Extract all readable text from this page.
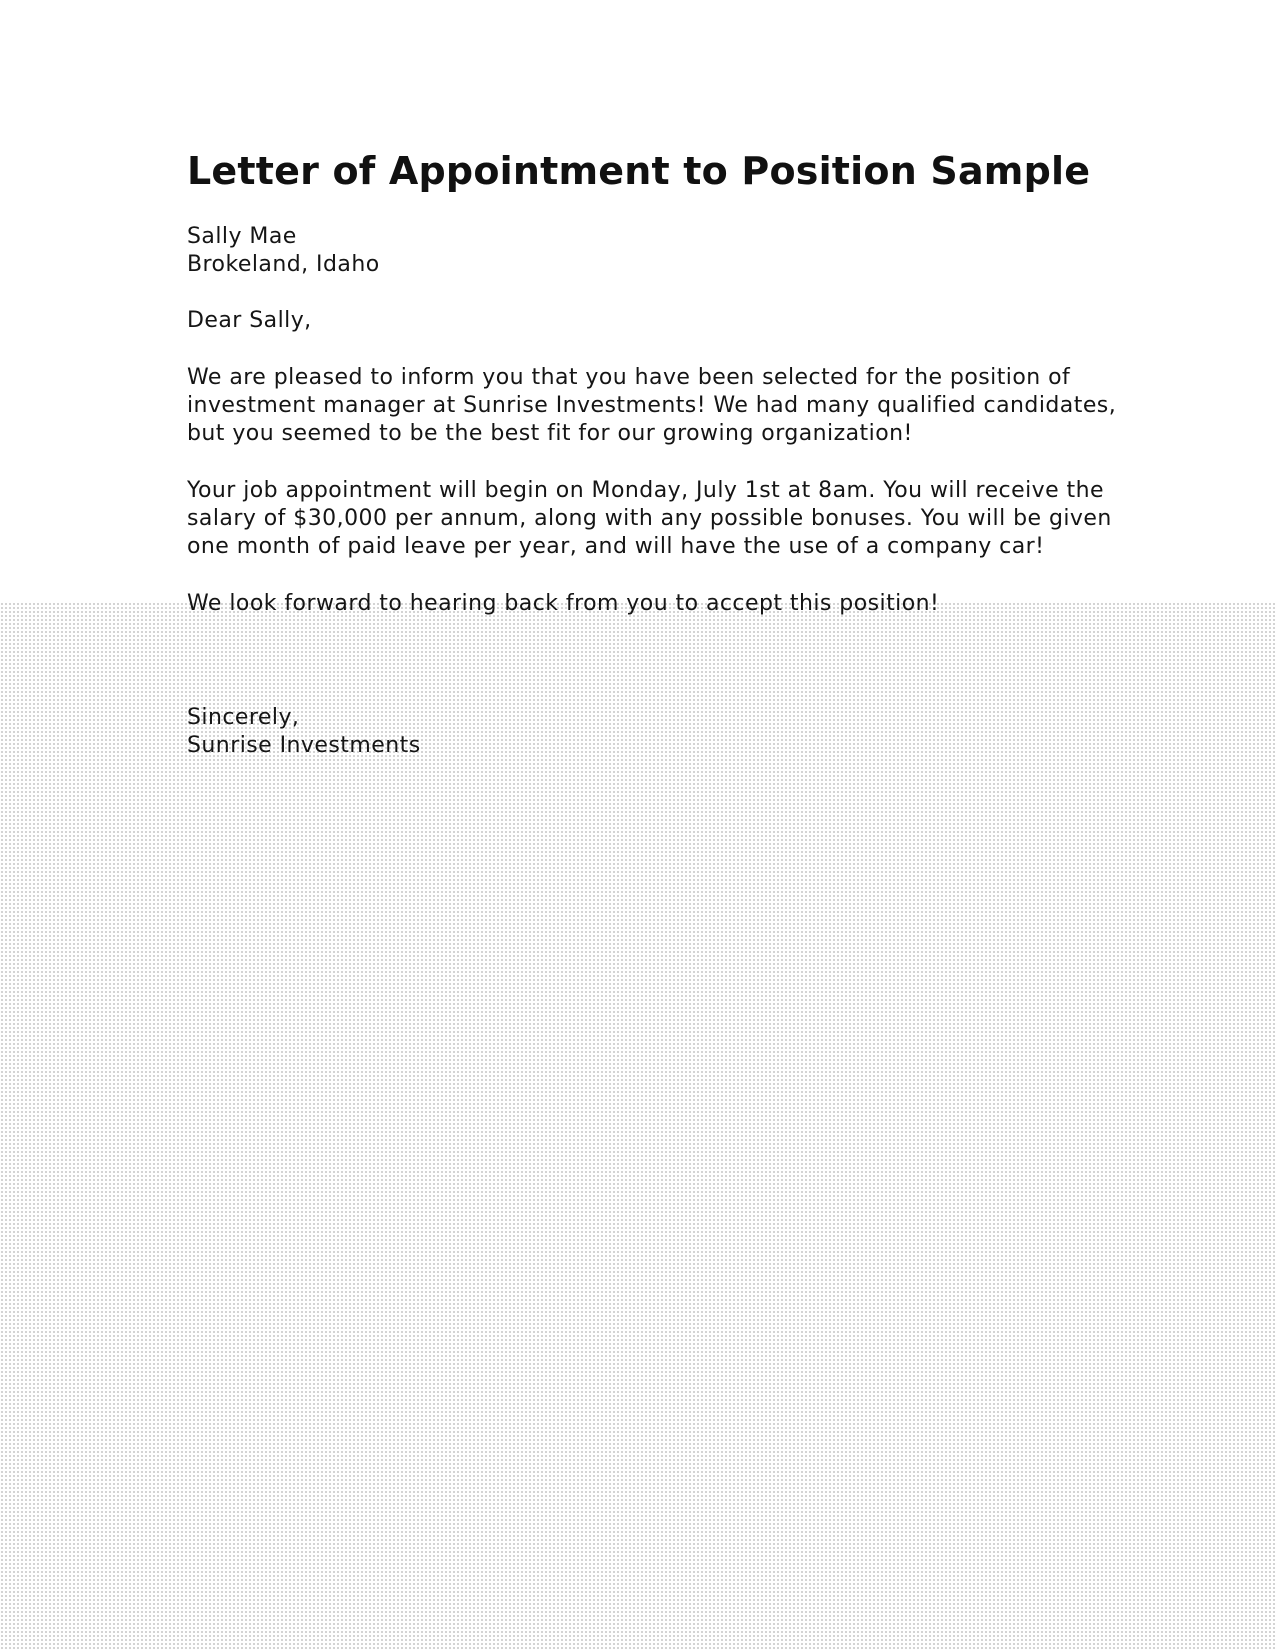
Letter of Appointment to Position Sample
Sally Mae
Brokeland, Idaho

Dear Sally,

We are pleased to inform you that you have been selected for the position of
investment manager at Sunrise Investments! We had many qualified candidates,
but you seemed to be the best fit for our growing organization!
Your job appointment will begin on Monday, July 1st at 8am. You will receive the
salary of $30,000 per annum, along with any possible bonuses. You will be given
one month of paid leave per year, and will have the use of a company car!

We look forward to hearing back from you to accept this position!

Sincerely,
Sunrise Investments
